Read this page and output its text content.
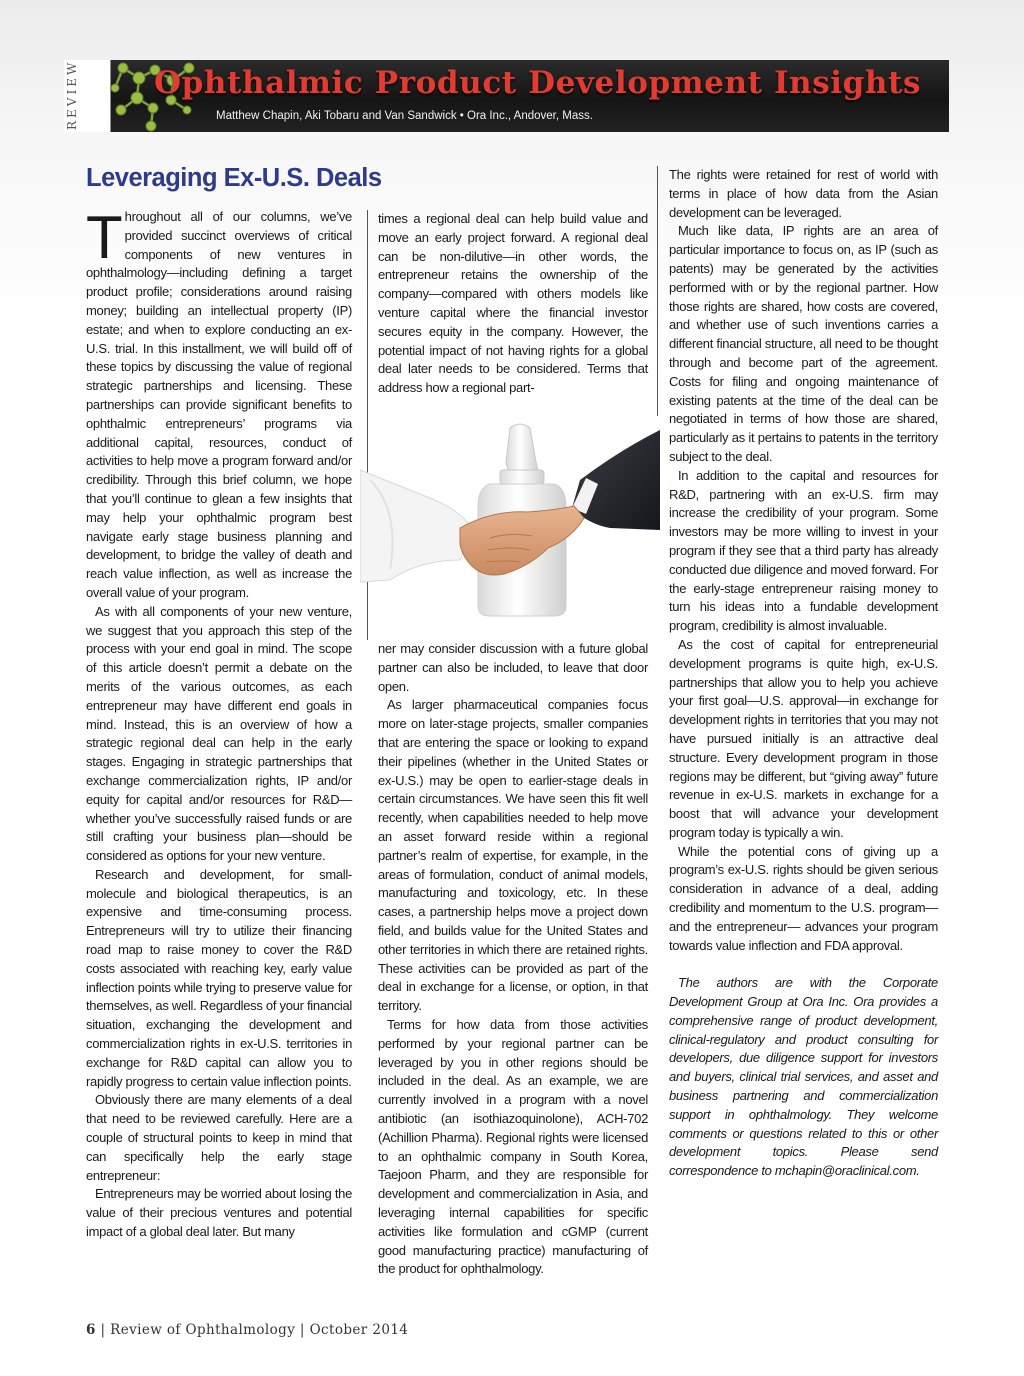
REVIEW Ophthalmic Product Development Insights
Matthew Chapin, Aki Tobaru and Van Sandwick • Ora Inc., Andover, Mass.
Leveraging Ex-U.S. Deals

Throughout all of our columns, we’ve provided succinct overviews of critical components of new ventures in ophthalmology—including defining a target product profile; considerations around raising money; building an intellectual property (IP) estate; and when to explore conducting an ex-U.S. trial. In this installment, we will build off of these topics by discussing the value of regional strategic partnerships and licensing. These partnerships can provide significant benefits to ophthalmic entrepreneurs’ programs via additional capital, resources, conduct of activities to help move a program forward and/or credibility. Through this brief column, we hope that you’ll continue to glean a few insights that may help your ophthalmic program best navigate early stage business planning and development, to bridge the valley of death and reach value inflection, as well as increase the overall value of your program.

As with all components of your new venture, we suggest that you approach this step of the process with your end goal in mind. The scope of this article doesn’t permit a debate on the merits of the various outcomes, as each entrepreneur may have different end goals in mind. Instead, this is an overview of how a strategic regional deal can help in the early stages. Engaging in strategic partnerships that exchange commercialization rights, IP and/or equity for capital and/or resources for R&D—whether you’ve successfully raised funds or are still crafting your business plan—should be considered as options for your new venture.

Research and development, for small-molecule and biological therapeutics, is an expensive and time-consuming process. Entrepreneurs will try to utilize their financing road map to raise money to cover the R&D costs associated with reaching key, early value inflection points while trying to preserve value for themselves, as well. Regardless of your financial situation, exchanging the development and commercialization rights in ex-U.S. territories in exchange for R&D capital can allow you to rapidly progress to certain value inflection points.

Obviously there are many elements of a deal that need to be reviewed carefully. Here are a couple of structural points to keep in mind that can specifically help the early stage entrepreneur:

Entrepreneurs may be worried about losing the value of their precious ventures and potential impact of a global deal later. But many

times a regional deal can help build value and move an early project forward. A regional deal can be non-dilutive—in other words, the entrepreneur retains the ownership of the company—compared with others models like venture capital where the financial investor secures equity in the company. However, the potential impact of not having rights for a global deal later needs to be considered. Terms that address how a regional part-

ner may consider discussion with a future global partner can also be included, to leave that door open.

As larger pharmaceutical companies focus more on later-stage projects, smaller companies that are entering the space or looking to expand their pipelines (whether in the United States or ex-U.S.) may be open to earlier-stage deals in certain circumstances. We have seen this fit well recently, when capabilities needed to help move an asset forward reside within a regional partner’s realm of expertise, for example, in the areas of formulation, conduct of animal models, manufacturing and toxicology, etc. In these cases, a partnership helps move a project down field, and builds value for the United States and other territories in which there are retained rights. These activities can be provided as part of the deal in exchange for a license, or option, in that territory.

Terms for how data from those activities performed by your regional partner can be leveraged by you in other regions should be included in the deal. As an example, we are currently involved in a program with a novel antibiotic (an isothiazoquinolone), ACH-702 (Achillion Pharma). Regional rights were licensed to an ophthalmic company in South Korea, Taejoon Pharm, and they are responsible for development and commercialization in Asia, and leveraging internal capabilities for specific activities like formulation and cGMP (current good manufacturing practice) manufacturing of the product for ophthalmology.

The rights were retained for rest of world with terms in place of how data from the Asian development can be leveraged.

Much like data, IP rights are an area of particular importance to focus on, as IP (such as patents) may be generated by the activities performed with or by the regional partner. How those rights are shared, how costs are covered, and whether use of such inventions carries a different financial structure, all need to be thought through and become part of the agreement. Costs for filing and ongoing maintenance of existing patents at the time of the deal can be negotiated in terms of how those are shared, particularly as it pertains to patents in the territory subject to the deal.

In addition to the capital and resources for R&D, partnering with an ex-U.S. firm may increase the credibility of your program. Some investors may be more willing to invest in your program if they see that a third party has already conducted due diligence and moved forward. For the early-stage entrepreneur raising money to turn his ideas into a fundable development program, credibility is almost invaluable.

As the cost of capital for entrepreneurial development programs is quite high, ex-U.S. partnerships that allow you to help you achieve your first goal—U.S. approval—in exchange for development rights in territories that you may not have pursued initially is an attractive deal structure. Every development program in those regions may be different, but “giving away” future revenue in ex-U.S. markets in exchange for a boost that will advance your development program today is typically a win.

While the potential cons of giving up a program’s ex-U.S. rights should be given serious consideration in advance of a deal, adding credibility and momentum to the U.S. program—and the entrepreneur— advances your program towards value inflection and FDA approval.

The authors are with the Corporate Development Group at Ora Inc. Ora provides a comprehensive range of product development, clinical-regulatory and product consulting for developers, due diligence support for investors and buyers, clinical trial services, and asset and business partnering and commercialization support in ophthalmology. They welcome comments or questions related to this or other development topics. Please send correspondence to mchapin@oraclinical.com.

6 | Review of Ophthalmology | October 2014
